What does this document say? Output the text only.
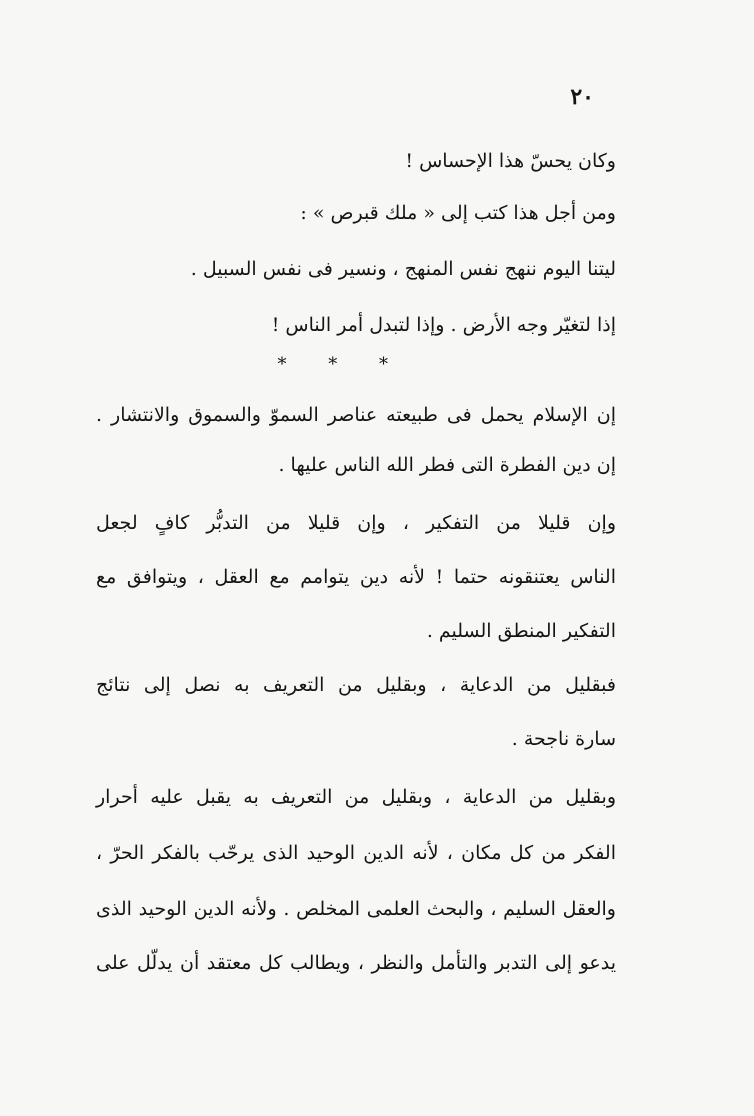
٢٠
وكان يحسّ هذا الإحساس !
ومن أجل هذا كتب إلى « ملك قبرص » :
ليتنا اليوم ننهج نفس المنهج ، ونسير فى نفس السبيل .
إذا لتغيّر وجه الأرض . وإذا لتبدل أمر الناس !
* * *
إن الإسلام يحمل فى طبيعته عناصر السموّ والسموق والانتشار .
إن دين الفطرة التى فطر الله الناس عليها .
وإن قليلا من التفكير ، وإن قليلا من التدبُّر كافٍ لجعل
الناس يعتنقونه حتما ! لأنه دين يتوامم مع العقل ، ويتوافق مع
التفكير المنطق السليم .
فبقليل من الدعاية ، وبقليل من التعريف به نصل إلى نتائج
سارة ناجحة .
وبقليل من الدعاية ، وبقليل من التعريف به يقبل عليه أحرار
الفكر من كل مكان ، لأنه الدين الوحيد الذى يرحّب بالفكر الحرّ ،
والعقل السليم ، والبحث العلمى المخلص . ولأنه الدين الوحيد الذى
يدعو إلى التدبر والتأمل والنظر ، ويطالب كل معتقد أن يدلّل على
